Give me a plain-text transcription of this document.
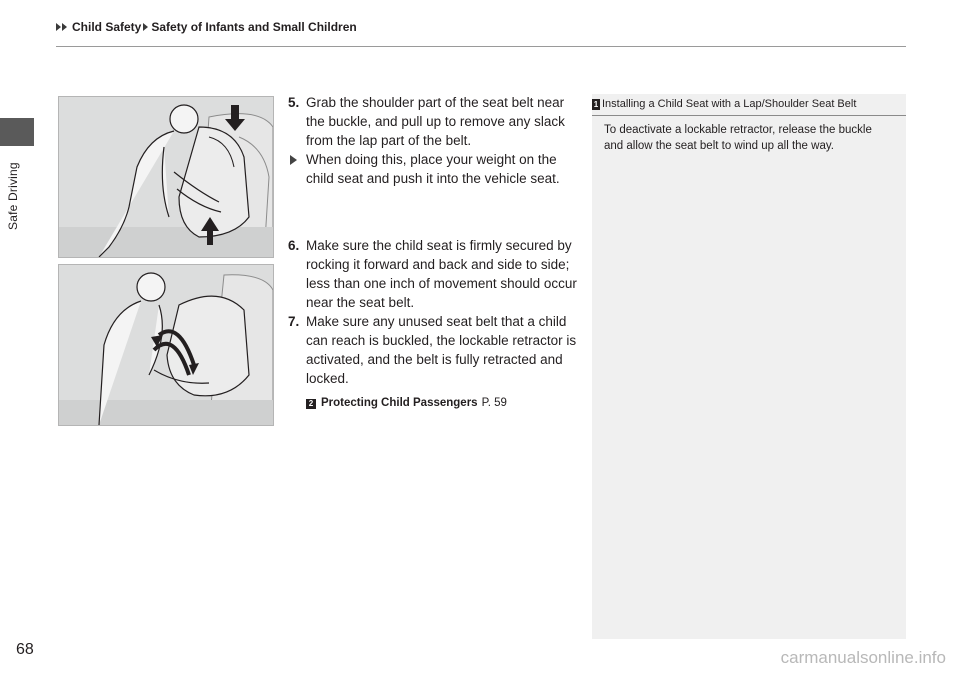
Child Safety Safety of Infants and Small Children
Safe Driving
5. Grab the shoulder part of the seat belt near the buckle, and pull up to remove any slack from the lap part of the belt.
When doing this, place your weight on the child seat and push it into the vehicle seat.
6. Make sure the child seat is firmly secured by rocking it forward and back and side to side; less than one inch of movement should occur near the seat belt.
7. Make sure any unused seat belt that a child can reach is buckled, the lockable retractor is activated, and the belt is fully retracted and locked.
2 Protecting Child Passengers P. 59
1 Installing a Child Seat with a Lap/Shoulder Seat Belt
To deactivate a lockable retractor, release the buckle and allow the seat belt to wind up all the way.
68	carmanualsonline.info
